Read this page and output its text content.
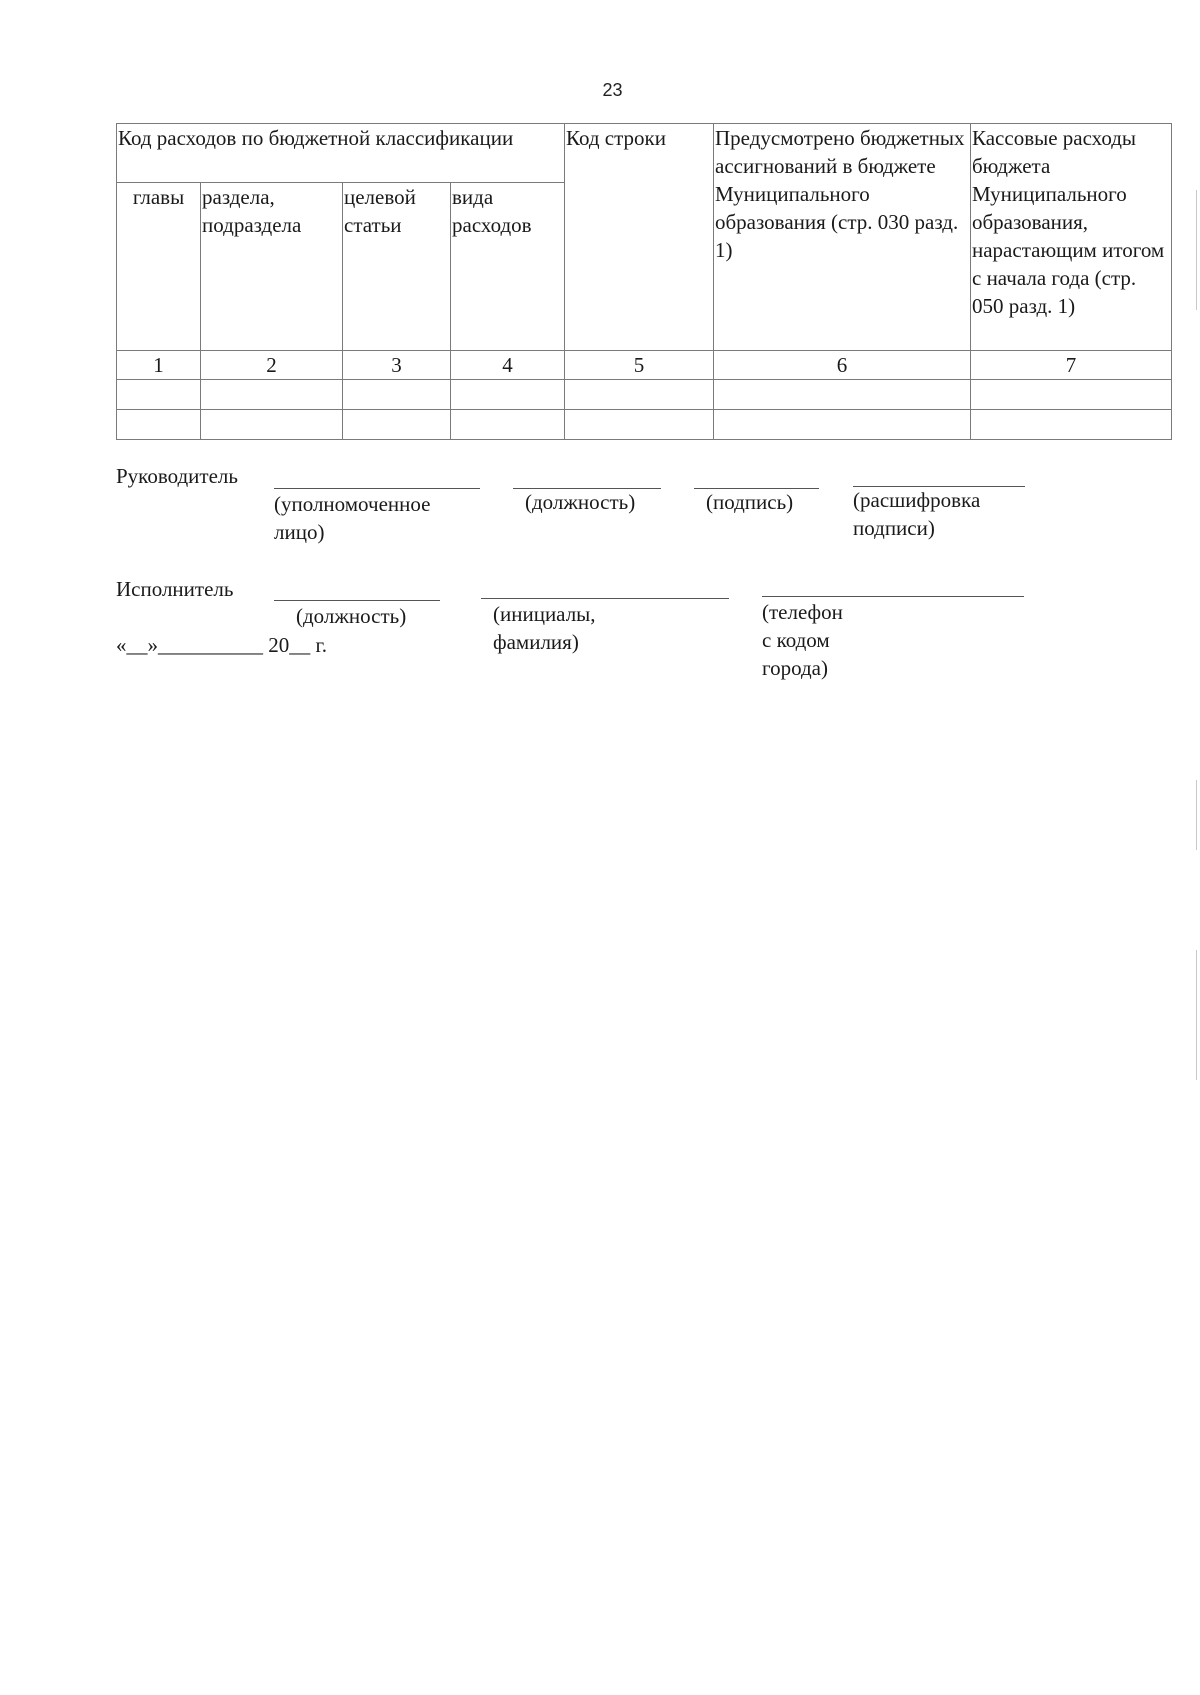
23
Код расходов по бюджетной классификации				Код строки	Предусмотрено бюджетных ассигнований в бюджете Муниципального образования (стр. 030 разд. 1)	Кассовые расходы бюджета Муниципального образования, нарастающим итогом с начала года (стр. 050 разд. 1)
главы	раздела, подраздела	целевой статьи	вида расходов			
1	2	3	4	5	6	7

Руководитель
(уполномоченное лицо)
(должность)	(подпись)	(расшифровка подписи)
Исполнитель
(должность)	(инициалы, фамилия)
(телефон с кодом города)
«__»__________ 20__ г.
